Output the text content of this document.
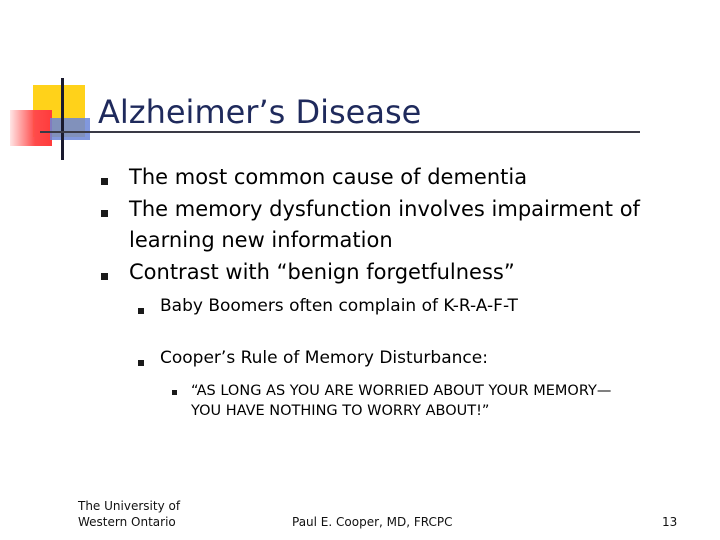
Alzheimer’s Disease
The most common cause of dementia
The memory dysfunction involves impairment of
learning new information
Contrast with “benign forgetfulness”
Baby Boomers often complain of K-R-A-F-T
Cooper’s Rule of Memory Disturbance:
“AS LONG AS YOU ARE WORRIED ABOUT YOUR MEMORY—
YOU HAVE NOTHING TO WORRY ABOUT!”
The University of
Western Ontario	Paul E. Cooper, MD, FRCPC	13
